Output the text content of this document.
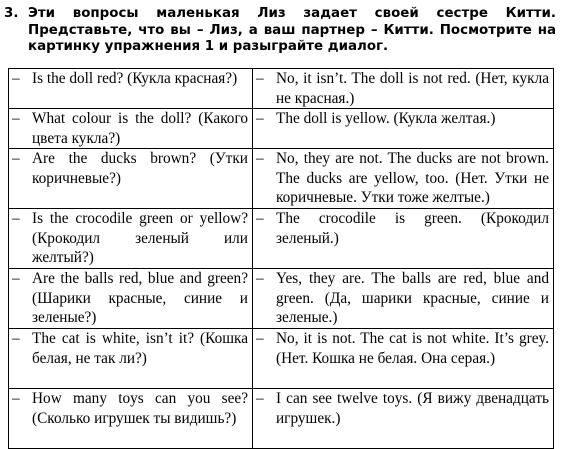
3. Эти вопросы маленькая Лиз задает своей сестре Китти. Представьте, что вы – Лиз, а ваш партнер – Китти. Посмотрите на картинку упражнения 1 и разыграйте диалог.
– Is the doll red? (Кукла красная?)	– No, it isn’t. The doll is not red. (Нет, кукла не красная.)

– What colour is the doll? (Какого цвета кукла?)	– The doll is yellow. (Кукла желтая.)

– Are the ducks brown? (Утки коричневые?)	– No, they are not. The ducks are not brown. The ducks are yellow, too. (Нет. Утки не коричневые. Утки тоже желтые.)

– Is the crocodile green or yellow? (Крокодил зеленый или желтый?)	– The crocodile is green. (Крокодил зеленый.)

– Are the balls red, blue and green? (Шарики красные, синие и зеленые?)	– Yes, they are. The balls are red, blue and green. (Да, шарики красные, синие и зеленые.)

– The cat is white, isn’t it? (Кошка белая, не так ли?)	– No, it is not. The cat is not white. It’s grey. (Нет. Кошка не белая. Она серая.)

– How many toys can you see? (Сколько игрушек ты видишь?)	– I can see twelve toys. (Я вижу двенадцать игрушек.)
